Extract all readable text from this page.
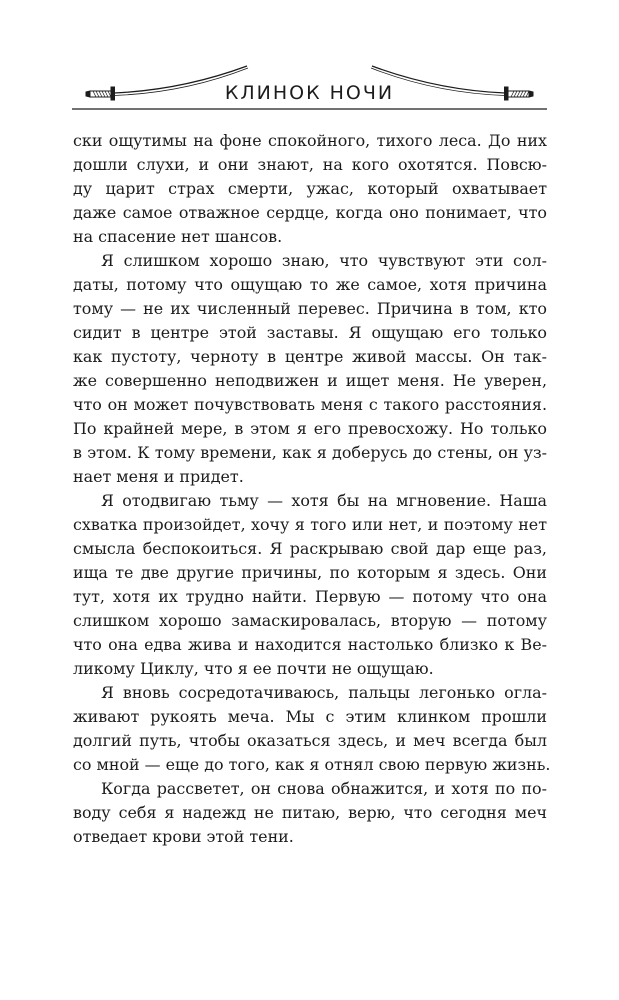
КЛИНОК НОЧИ

ски ощутимы на фоне спокойного, тихого леса. До них
дошли слухи, и они знают, на кого охотятся. Повсю-
ду царит страх смерти, ужас, который охватывает
даже самое отважное сердце, когда оно понимает, что
на спасение нет шансов.

Я слишком хорошо знаю, что чувствуют эти сол-
даты, потому что ощущаю то же самое, хотя причина
тому — не их численный перевес. Причина в том, кто
сидит в центре этой заставы. Я ощущаю его только
как пустоту, черноту в центре живой массы. Он так-
же совершенно неподвижен и ищет меня. Не уверен,
что он может почувствовать меня с такого расстояния.
По крайней мере, в этом я его превосхожу. Но только
в этом. К тому времени, как я доберусь до стены, он уз-
нает меня и придет.

Я отодвигаю тьму — хотя бы на мгновение. Наша
схватка произойдет, хочу я того или нет, и поэтому нет
смысла беспокоиться. Я раскрываю свой дар еще раз,
ища те две другие причины, по которым я здесь. Они
тут, хотя их трудно найти. Первую — потому что она
слишком хорошо замаскировалась, вторую — потому
что она едва жива и находится настолько близко к Ве-
ликому Циклу, что я ее почти не ощущаю.

Я вновь сосредотачиваюсь, пальцы легонько огла-
живают рукоять меча. Мы с этим клинком прошли
долгий путь, чтобы оказаться здесь, и меч всегда был
со мной — еще до того, как я отнял свою первую жизнь.

Когда рассветет, он снова обнажится, и хотя по по-
воду себя я надежд не питаю, верю, что сегодня меч
отведает крови этой тени.
